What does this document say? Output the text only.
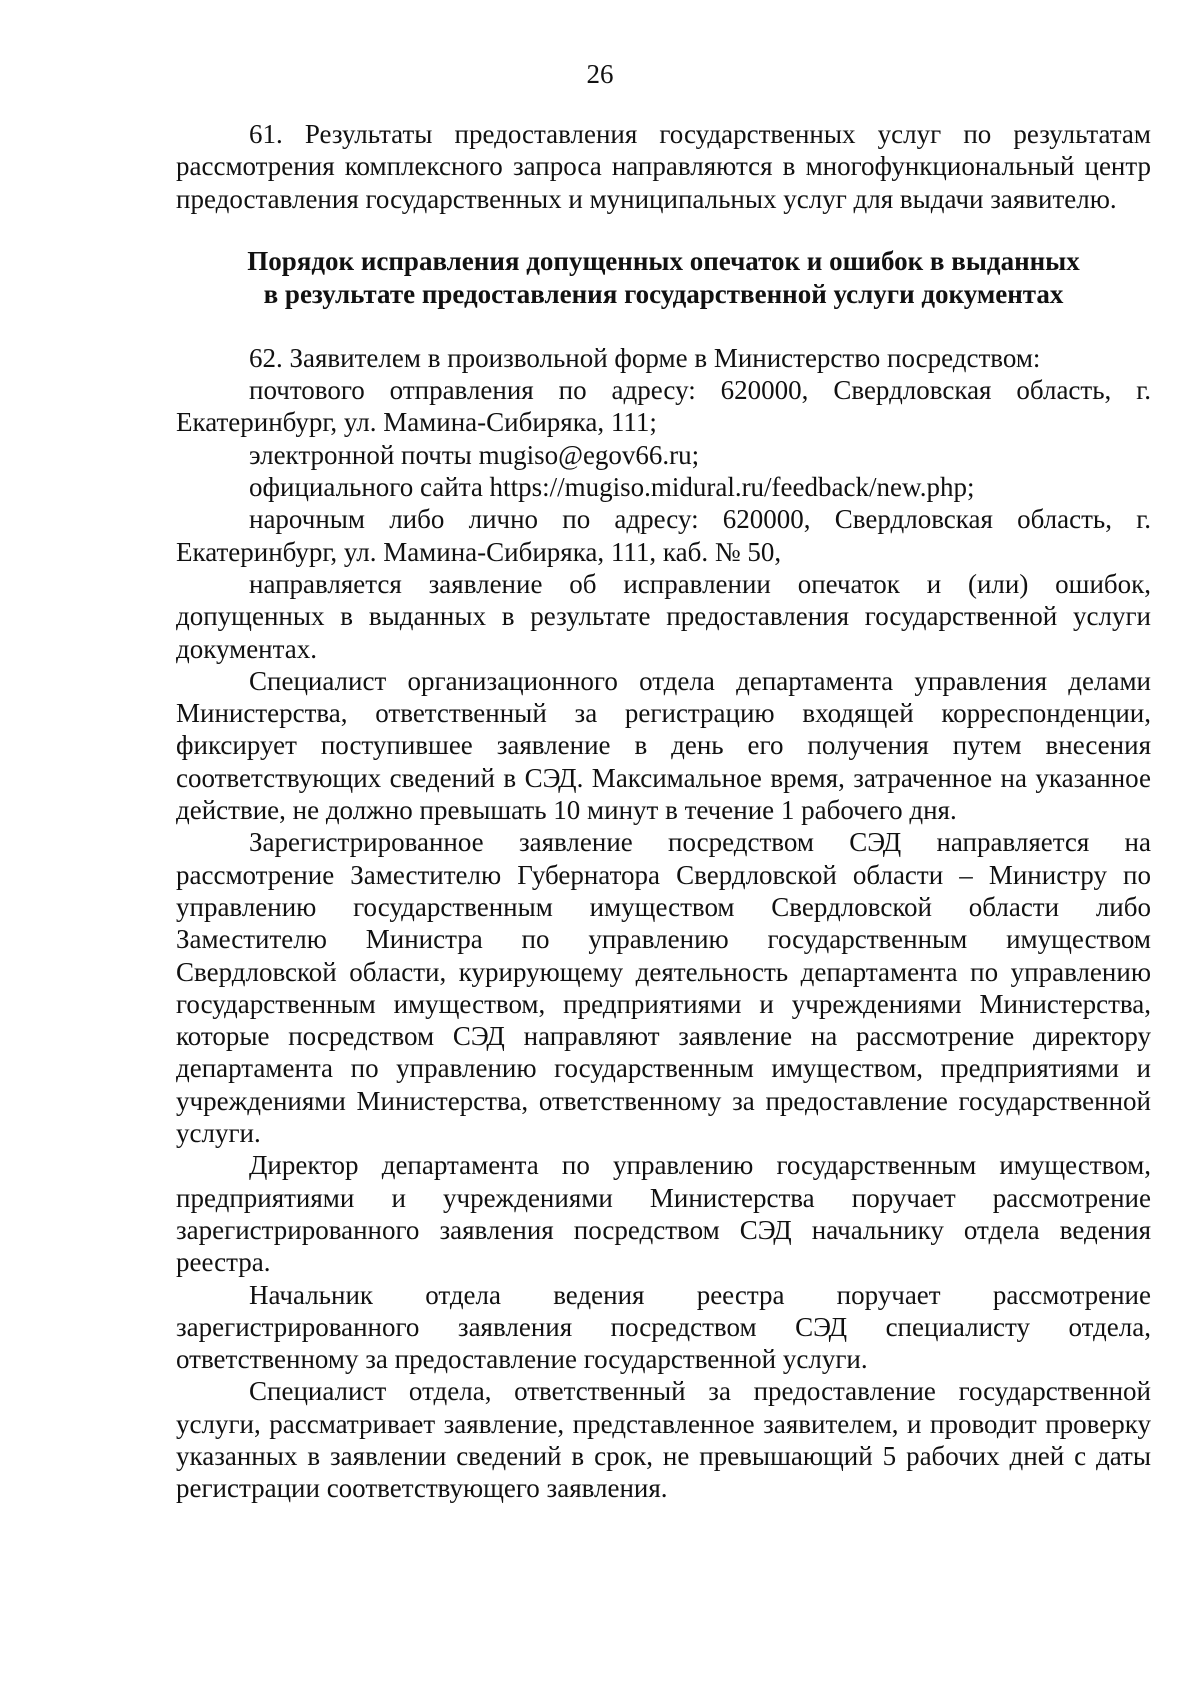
26

61. Результаты предоставления государственных услуг по результатам рассмотрения комплексного запроса направляются в многофункциональный центр предоставления государственных и муниципальных услуг для выдачи заявителю.

Порядок исправления допущенных опечаток и ошибок в выданных
в результате предоставления государственной услуги документах

62. Заявителем в произвольной форме в Министерство посредством:

почтового отправления по адресу: 620000, Свердловская область, г. Екатеринбург, ул. Мамина-Сибиряка, 111;

электронной почты mugiso@egov66.ru;

официального сайта https://mugiso.midural.ru/feedback/new.php;

нарочным либо лично по адресу: 620000, Свердловская область, г. Екатеринбург, ул. Мамина-Сибиряка, 111, каб. № 50,

направляется заявление об исправлении опечаток и (или) ошибок, допущенных в выданных в результате предоставления государственной услуги документах.

Специалист организационного отдела департамента управления делами Министерства, ответственный за регистрацию входящей корреспонденции, фиксирует поступившее заявление в день его получения путем внесения соответствующих сведений в СЭД. Максимальное время, затраченное на указанное действие, не должно превышать 10 минут в течение 1 рабочего дня.

Зарегистрированное заявление посредством СЭД направляется на рассмотрение Заместителю Губернатора Свердловской области – Министру по управлению государственным имуществом Свердловской области либо Заместителю Министра по управлению государственным имуществом Свердловской области, курирующему деятельность департамента по управлению государственным имуществом, предприятиями и учреждениями Министерства, которые посредством СЭД направляют заявление на рассмотрение директору департамента по управлению государственным имуществом, предприятиями и учреждениями Министерства, ответственному за предоставление государственной услуги.

Директор департамента по управлению государственным имуществом, предприятиями и учреждениями Министерства поручает рассмотрение зарегистрированного заявления посредством СЭД начальнику отдела ведения реестра.

Начальник отдела ведения реестра поручает рассмотрение зарегистрированного заявления посредством СЭД специалисту отдела, ответственному за предоставление государственной услуги.

Специалист отдела, ответственный за предоставление государственной услуги, рассматривает заявление, представленное заявителем, и проводит проверку указанных в заявлении сведений в срок, не превышающий 5 рабочих дней с даты регистрации соответствующего заявления.
